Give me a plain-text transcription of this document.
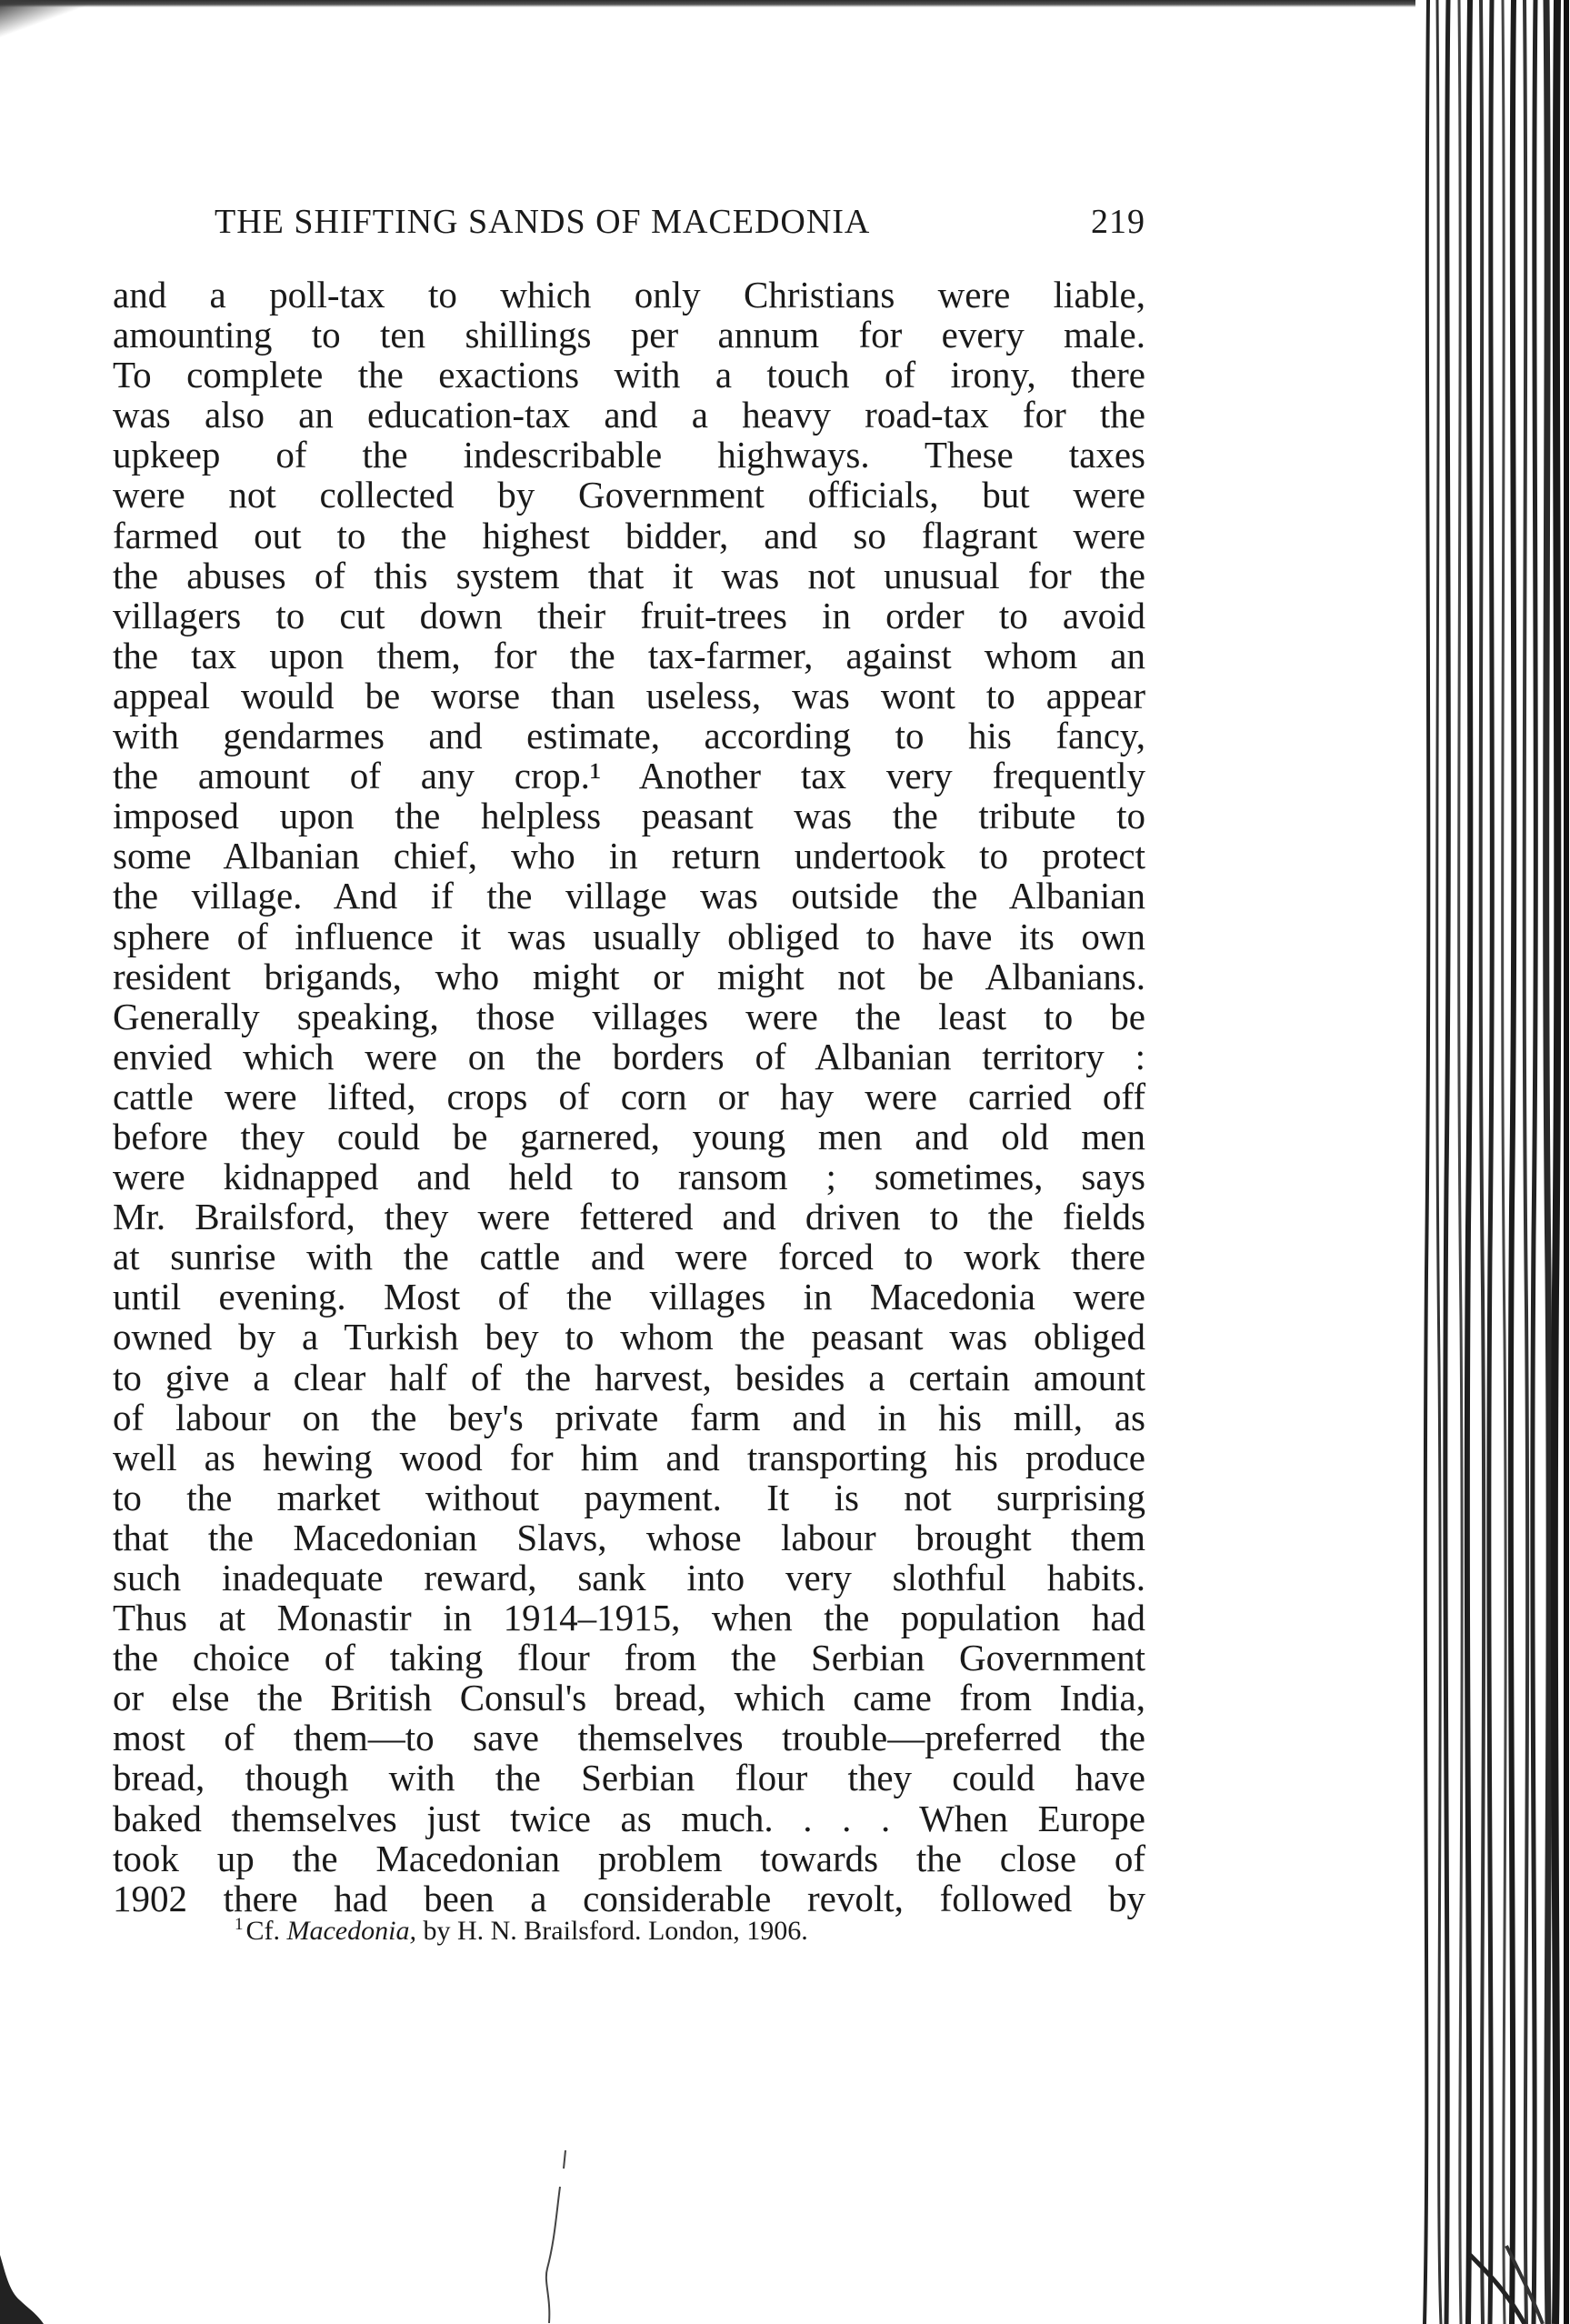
THE SHIFTING SANDS OF MACEDONIA	219
and a poll-tax to which only Christians were liable,
amounting to ten shillings per annum for every male.
To complete the exactions with a touch of irony, there
was also an education-tax and a heavy road-tax for the
upkeep of the indescribable highways. These taxes
were not collected by Government officials, but were
farmed out to the highest bidder, and so flagrant were
the abuses of this system that it was not unusual for the
villagers to cut down their fruit-trees in order to avoid
the tax upon them, for the tax-farmer, against whom an
appeal would be worse than useless, was wont to appear
with gendarmes and estimate, according to his fancy,
the amount of any crop.¹ Another tax very frequently
imposed upon the helpless peasant was the tribute to
some Albanian chief, who in return undertook to protect
the village. And if the village was outside the Albanian
sphere of influence it was usually obliged to have its own
resident brigands, who might or might not be Albanians.
Generally speaking, those villages were the least to be
envied which were on the borders of Albanian territory :
cattle were lifted, crops of corn or hay were carried off
before they could be garnered, young men and old men
were kidnapped and held to ransom ; sometimes, says
Mr. Brailsford, they were fettered and driven to the fields
at sunrise with the cattle and were forced to work there
until evening. Most of the villages in Macedonia were
owned by a Turkish bey to whom the peasant was obliged
to give a clear half of the harvest, besides a certain amount
of labour on the bey's private farm and in his mill, as
well as hewing wood for him and transporting his produce
to the market without payment. It is not surprising
that the Macedonian Slavs, whose labour brought them
such inadequate reward, sank into very slothful habits.
Thus at Monastir in 1914–1915, when the population had
the choice of taking flour from the Serbian Government
or else the British Consul's bread, which came from India,
most of them—to save themselves trouble—preferred the
bread, though with the Serbian flour they could have
baked themselves just twice as much. . . . When Europe
took up the Macedonian problem towards the close of
1902 there had been a considerable revolt, followed by
$^1$ Cf. Macedonia, by H. N. Brailsford. London, 1906.
